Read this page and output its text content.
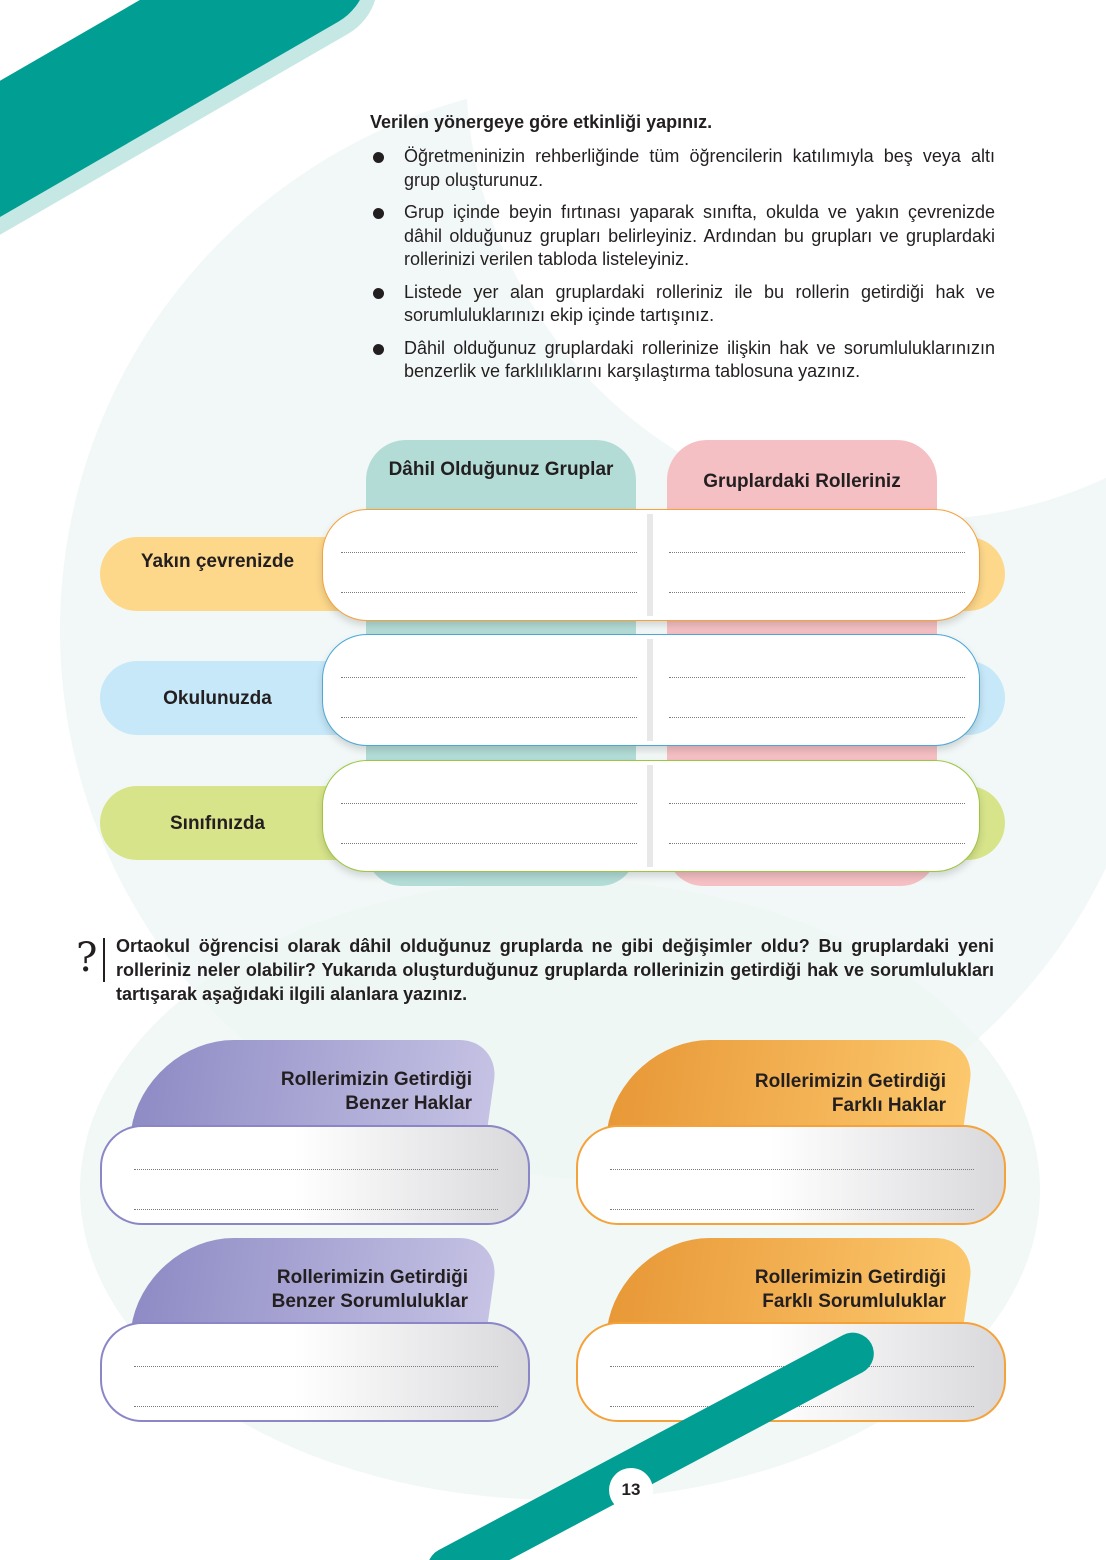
ÖĞRENELİM
Verilen yönergeye göre etkinliği yapınız.
Öğretmeninizin rehberliğinde tüm öğrencilerin katılımıyla beş veya altı grup oluşturunuz.
Grup içinde beyin fırtınası yaparak sınıfta, okulda ve yakın çevrenizde dâhil olduğunuz grupları belirleyiniz. Ardından bu grupları ve gruplardaki rollerinizi verilen tabloda listeleyiniz.
Listede yer alan gruplardaki rolleriniz ile bu rollerin getirdiği hak ve sorumluluklarınızı ekip içinde tartışınız.
Dâhil olduğunuz gruplardaki rollerinize ilişkin hak ve sorumluluklarınızın benzerlik ve farklılıklarını karşılaştırma tablosuna yazınız.
Dâhil Olduğunuz Gruplar
Gruplardaki Rolleriniz
Yakın çevrenizde
Okulunuzda
Sınıfınızda
? Ortaokul öğrencisi olarak dâhil olduğunuz gruplarda ne gibi değişimler oldu? Bu gruplardaki yeni rolleriniz neler olabilir? Yukarıda oluşturduğunuz gruplarda rollerinizin getirdiği hak ve sorumlulukları tartışarak aşağıdaki ilgili alanlara yazınız.
Rollerimizin Getirdiği
Benzer Haklar
Rollerimizin Getirdiği
Farklı Haklar
Rollerimizin Getirdiği
Benzer Sorumluluklar
Rollerimizin Getirdiği
Farklı Sorumluluklar
13
